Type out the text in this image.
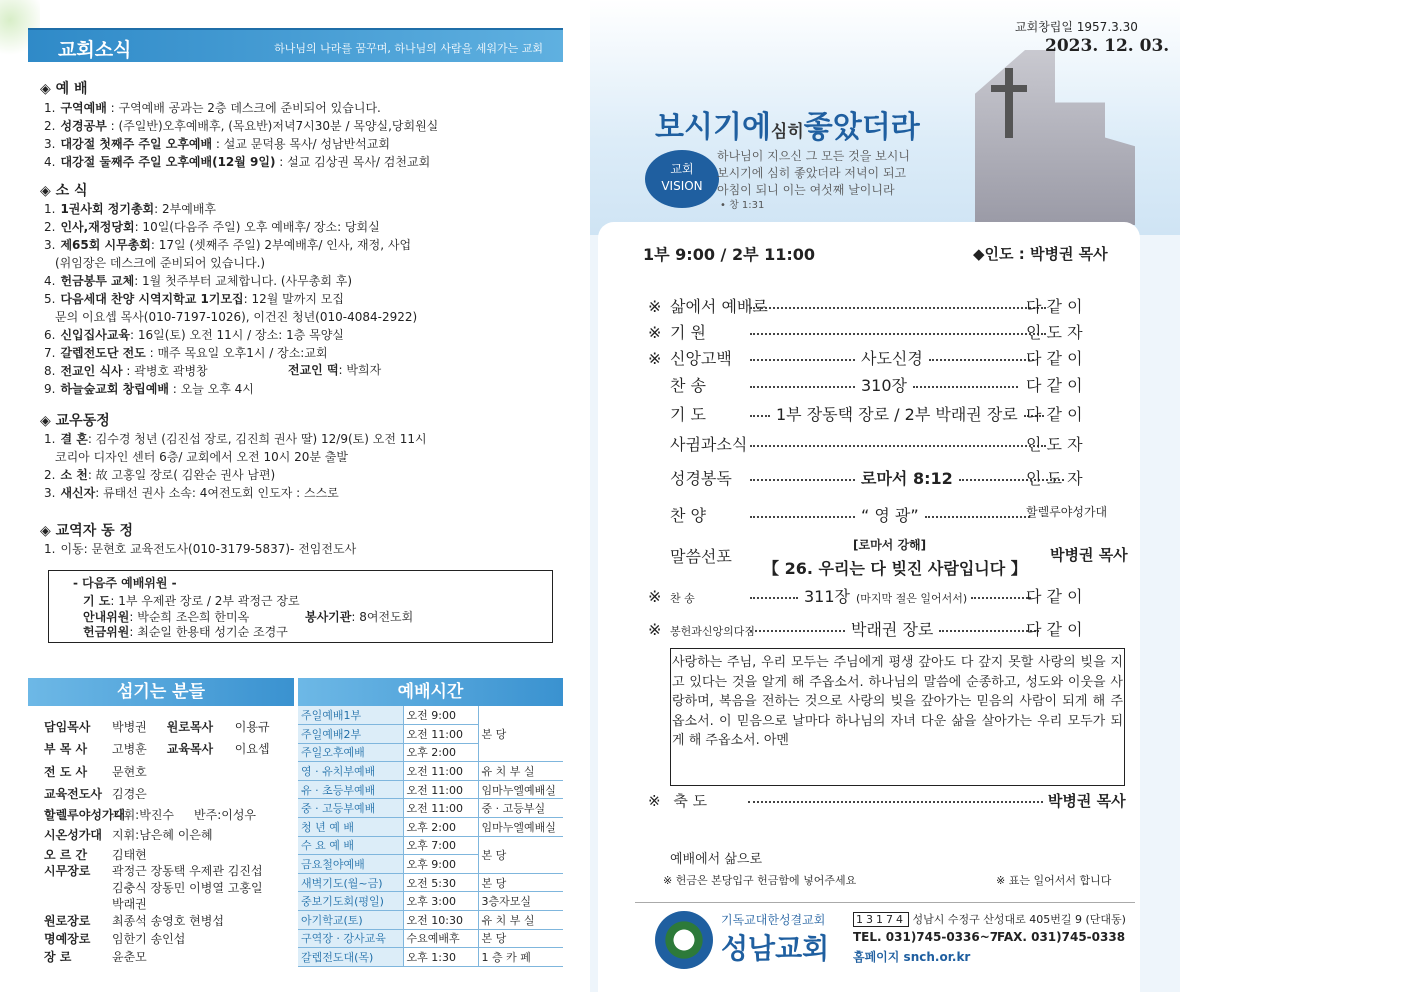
교회소식	하나님의 나라를 꿈꾸며, 하나님의 사람을 세워가는 교회
◈ 예 배
1. 구역예배 : 구역예배 공과는 2층 데스크에 준비되어 있습니다.
2. 성경공부 : (주일반)오후예배후, (목요반)저녁7시30분 / 목양실,당회원실
3. 대강절 첫째주 주일 오후예배 : 설교 문덕용 목사/ 성남반석교회
4. 대강절 둘째주 주일 오후예배(12월 9일) : 설교 김상권 목사/ 검천교회
◈ 소 식
1. 1권사회 정기총회: 2부예배후
2. 인사,재정당회: 10일(다음주 주일) 오후 예배후/ 장소: 당회실
3. 제65회 시무총회: 17일 (셋째주 주일) 2부예배후/ 인사, 재정, 사업
(위임장은 데스크에 준비되어 있습니다.)
4. 헌금봉투 교체: 1월 첫주부터 교체합니다. (사무총회 후)
5. 다음세대 찬양 시역지학교 1기모집: 12월 말까지 모집
문의 이요셉 목사(010-7197-1026), 이건진 청년(010-4084-2922)
6. 신입집사교육: 16일(토) 오전 11시 / 장소: 1층 목양실
7. 갈렙전도단 전도 : 매주 목요일 오후1시 / 장소:교회
8. 전교인 식사 : 곽병호 곽병창
9. 하늘숲교회 창립예배 : 오늘 오후 4시
전교인 떡: 박희자
◈ 교우동정
1. 결 혼: 김수경 청년 (김진섭 장로, 김진희 권사 딸) 12/9(토) 오전 11시
코리아 디자인 센터 6층/ 교회에서 오전 10시 20분 출발
2. 소 천: 故 고홍일 장로( 김완순 권사 남편)
3. 새신자: 류태선 권사 소속: 4여전도회 인도자 : 스스로
◈ 교역자 동 정
1. 이동: 문현호 교육전도사(010-3179-5837)- 전임전도사
- 다음주 예배위원 -
기 도: 1부 우제관 장로 / 2부 곽정근 장로
안내위원: 박순희 조은희 한미옥	봉사기관: 8여전도회
헌금위원: 최순일 한용태 성기순 조경구
섬기는 분들	예배시간
담임목사 박병권 원로목사 이용규
부 목 사 고병훈 교육목사 이요셉
전 도 사 문현호
교육전도사 김경은
할렐루야성가대지휘:박진수 반주:이성우
시온성가대 지휘:남은혜 이은혜
오 르 간 김태현
시무장로 곽정근 장동택 우제관 김진섭
김충식 장동민 이병열 고홍일
박래권
원로장로 최종석 송영호 현병섭
명예장로 임한기 송인섭
장 로	윤춘모
주일예배1부	오전 9:00	본 당
주일예배2부	오전 11:00	
주일오후예배	오후 2:00	
영 · 유치부예배	오전 11:00	유 치 부 실
유 · 초등부예배	오전 11:00	임마누엘예배실
중 · 고등부예배	오전 11:00	중 · 고등부실
청 년 예 배	오후 2:00	임마누엘예배실
수 요 예 배	오후 7:00	본 당
금요철야예배	오후 9:00	
새벽기도(월~금)	오전 5:30	본 당
중보기도회(평일)	오후 3:00	3층자모실
아기학교(토)	오전 10:30	유 치 부 실
구역장 · 강사교육	수요예배후	본 당
갈렙전도대(목)	오후 1:30	1 층 카 페
교회창립일 1957.3.30
2023. 12. 03.
보시기에심히좋았더라
교회
VISION
하나님이 지으신 그 모든 것을 보시니
보시기에 심히 좋았더라 저녁이 되고
아침이 되니 이는 여섯째 날이니라
• 창 1:31
1부 9:00 / 2부 11:00	◆인도 : 박병권 목사
※ 삶에서 예배로	다 같 이
※ 기 원	인 도 자
※ 신앙고백	사도신경	다 같 이
찬 송	310장	다 같 이
기 도	1부 장동택 장로 / 2부 박래권 장로 다 같 이
사귐과소식	인 도 자
성경봉독	로마서 8:12	인 도 자
찬 양	“ 영 광”	할렐루야성가대
말씀선포
[로마서 강해]
【 26. 우리는 다 빚진 사람입니다 】
박병권 목사
※ 찬 송	311장 (마지막 절은 일어서서)	다 같 이
※ 봉헌과신앙의다짐	박래권 장로	다 같 이
사랑하는 주님, 우리 모두는 주님에게 평생 갚아도 다 갚지 못할 사랑의 빚을 지고 있다는 것을 알게 해 주옵소서. 하나님의 말씀에 순종하고, 성도와 이웃을 사랑하며, 복음을 전하는 것으로 사랑의 빚을 갚아가는 믿음의 사람이 되게 해 주옵소서. 이 믿음으로 날마다 하나님의 자녀 다운 삶을 살아가는 우리 모두가 되게 해 주옵소서. 아멘
※ 축 도	박병권 목사
예배에서 삶으로
※ 헌금은 본당입구 헌금함에 넣어주세요	※ 표는 일어서서 합니다
기독교대한성결교회
성남교회
13174 성남시 수정구 산성대로 405번길 9 (단대동)
TEL. 031)745-0336~7
FAX. 031)745-0338
홈페이지 snch.or.kr
